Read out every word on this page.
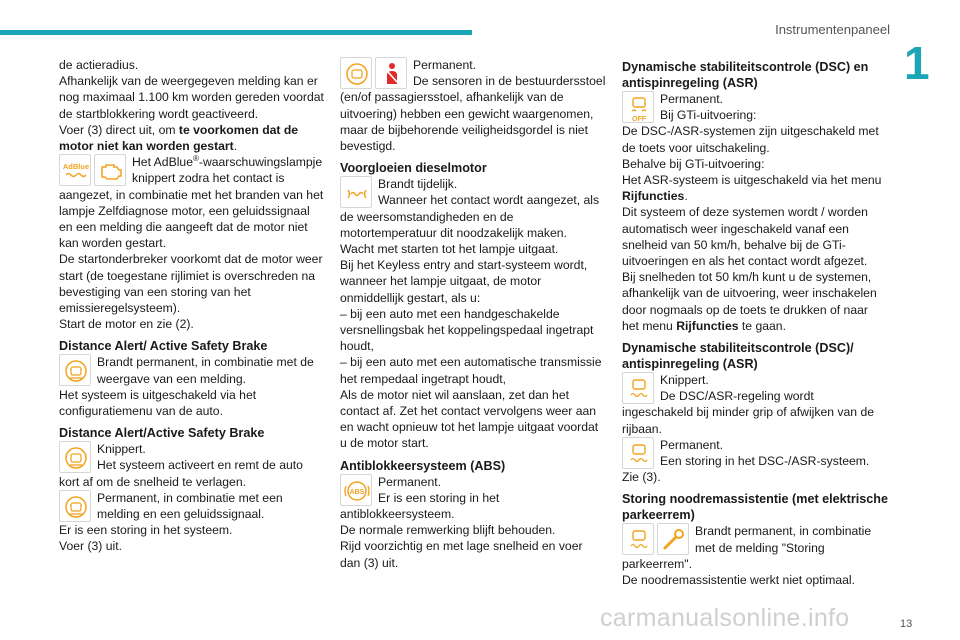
Instrumentenpaneel
1
13
carmanualsonline.info

de actieradius.

Afhankelijk van de weergegeven melding kan er nog maximaal 1.100 km worden gereden voordat de startblokkering wordt geactiveerd.

Voer (3) direct uit, om te voorkomen dat de motor niet kan worden gestart.

AdBlue	Het AdBlue®-waarschuwingslampje knippert zodra het contact is aangezet, in combinatie met het branden van het lampje Zelfdiagnose motor, een geluidssignaal en een melding die aangeeft dat de motor niet kan worden gestart.

De startonderbreker voorkomt dat de motor weer start (de toegestane rijlimiet is overschreden na bevestiging van een storing van het emissieregelsysteem).

Start de motor en zie (2).

Distance Alert/ Active Safety Brake

Brandt permanent, in combinatie met de weergave van een melding.

Het systeem is uitgeschakeld via het configuratiemenu van de auto.

Distance Alert/Active Safety Brake

Knippert.

Het systeem activeert en remt de auto kort af om de snelheid te verlagen.

Permanent, in combinatie met een melding en een geluidssignaal.

Er is een storing in het systeem.

Voer (3) uit.

Permanent.

De sensoren in de bestuurdersstoel (en/of passagiersstoel, afhankelijk van de uitvoering) hebben een gewicht waargenomen, maar de bijbehorende veiligheidsgordel is niet bevestigd.

Voorgloeien dieselmotor

Brandt tijdelijk.

Wanneer het contact wordt aangezet, als de weersomstandigheden en de motortemperatuur dit noodzakelijk maken.

Wacht met starten tot het lampje uitgaat.

Bij het Keyless entry and start-systeem wordt, wanneer het lampje uitgaat, de motor onmiddellijk gestart, als u:

– bij een auto met een handgeschakelde versnellingsbak het koppelingspedaal ingetrapt houdt,

– bij een auto met een automatische transmissie het rempedaal ingetrapt houdt,

Als de motor niet wil aanslaan, zet dan het contact af. Zet het contact vervolgens weer aan en wacht opnieuw tot het lampje uitgaat voordat u de motor start.

Antiblokkeersysteem (ABS)
ABS

Permanent.

Er is een storing in het antiblokkeersysteem.

De normale remwerking blijft behouden.

Rijd voorzichtig en met lage snelheid en voer dan (3) uit.

Dynamische stabiliteitscontrole (DSC) en antispinregeling (ASR)
OFF

Permanent.

Bij GTi-uitvoering:

De DSC-/ASR-systemen zijn uitgeschakeld met de toets voor uitschakeling.

Behalve bij GTi-uitvoering:

Het ASR-systeem is uitgeschakeld via het menu Rijfuncties.

Dit systeem of deze systemen wordt / worden automatisch weer ingeschakeld vanaf een snelheid van 50 km/h, behalve bij de GTi-uitvoeringen en als het contact wordt afgezet.

Bij snelheden tot 50 km/h kunt u de systemen, afhankelijk van de uitvoering, weer inschakelen door nogmaals op de toets te drukken of naar het menu Rijfuncties te gaan.

Dynamische stabiliteitscontrole (DSC)/ antispinregeling (ASR)

Knippert.

De DSC/ASR-regeling wordt ingeschakeld bij minder grip of afwijken van de rijbaan.

Permanent.

Een storing in het DSC-/ASR-systeem.

Zie (3).

Storing noodremassistentie (met elektrische parkeerrem)

Brandt permanent, in combinatie met de melding "Storing parkeerrem".

De noodremassistentie werkt niet optimaal.
